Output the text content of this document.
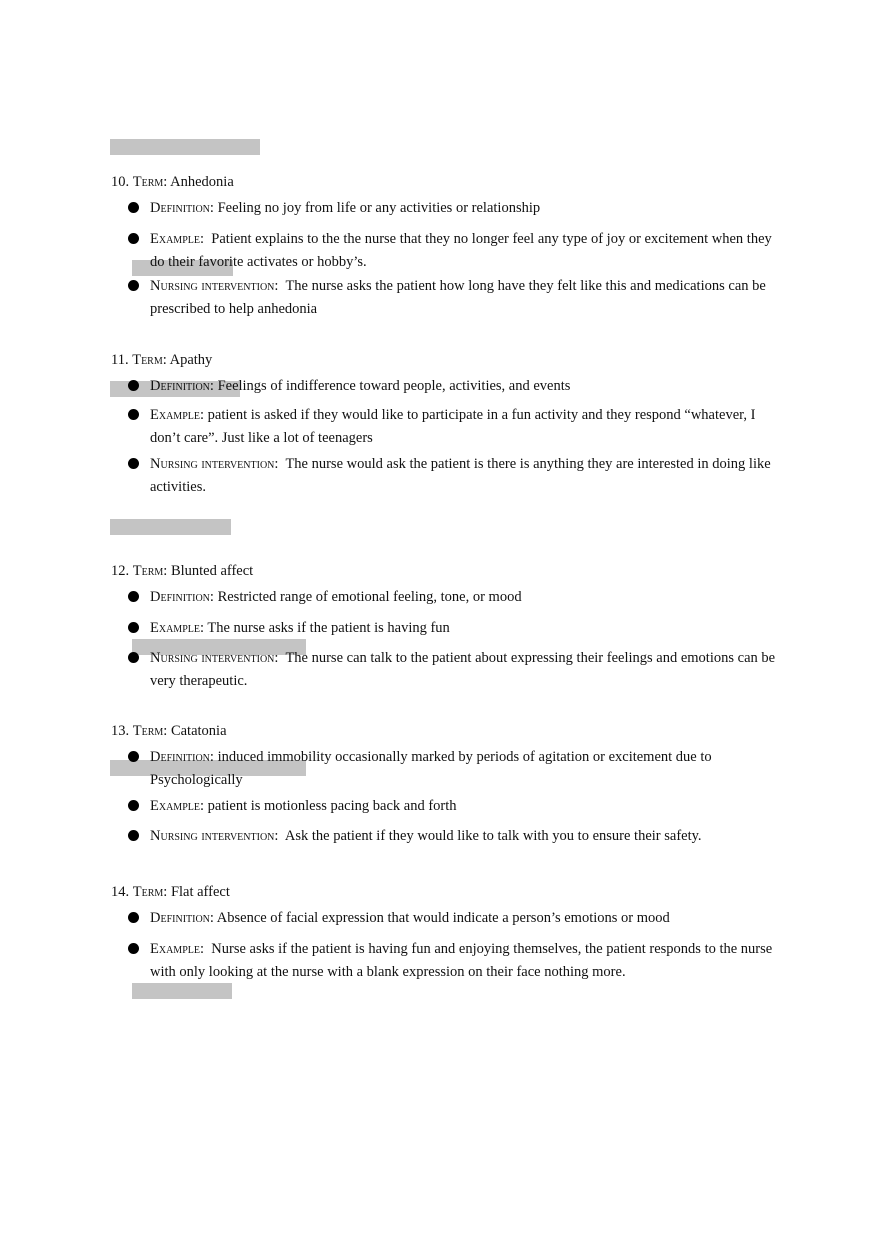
10. Term: Anhedonia
Definition: Feeling no joy from life or any activities or relationship
Example:  Patient explains to the the nurse that they no longer feel any type of joy or excitement when they do their favorite activates or hobby’s.
Nursing intervention:  The nurse asks the patient how long have they felt like this and medications can be prescribed to help anhedonia
11. Term: Apathy
Definition: Feelings of indifference toward people, activities, and events
Example: patient is asked if they would like to participate in a fun activity and they respond “whatever, I don’t care”. Just like a lot of teenagers
Nursing intervention:  The nurse would ask the patient is there is anything they are interested in doing like activities.
12. Term: Blunted affect
Definition: Restricted range of emotional feeling, tone, or mood
Example: The nurse asks if the patient is having fun
Nursing intervention:  The nurse can talk to the patient about expressing their feelings and emotions can be very therapeutic.
13. Term: Catatonia
Definition: induced immobility occasionally marked by periods of agitation or excitement due to Psychologically
Example: patient is motionless pacing back and forth
Nursing intervention:  Ask the patient if they would like to talk with you to ensure their safety.
14. Term: Flat affect
Definition: Absence of facial expression that would indicate a person’s emotions or mood
Example:  Nurse asks if the patient is having fun and enjoying themselves, the patient responds to the nurse with only looking at the nurse with a blank expression on their face nothing more.
